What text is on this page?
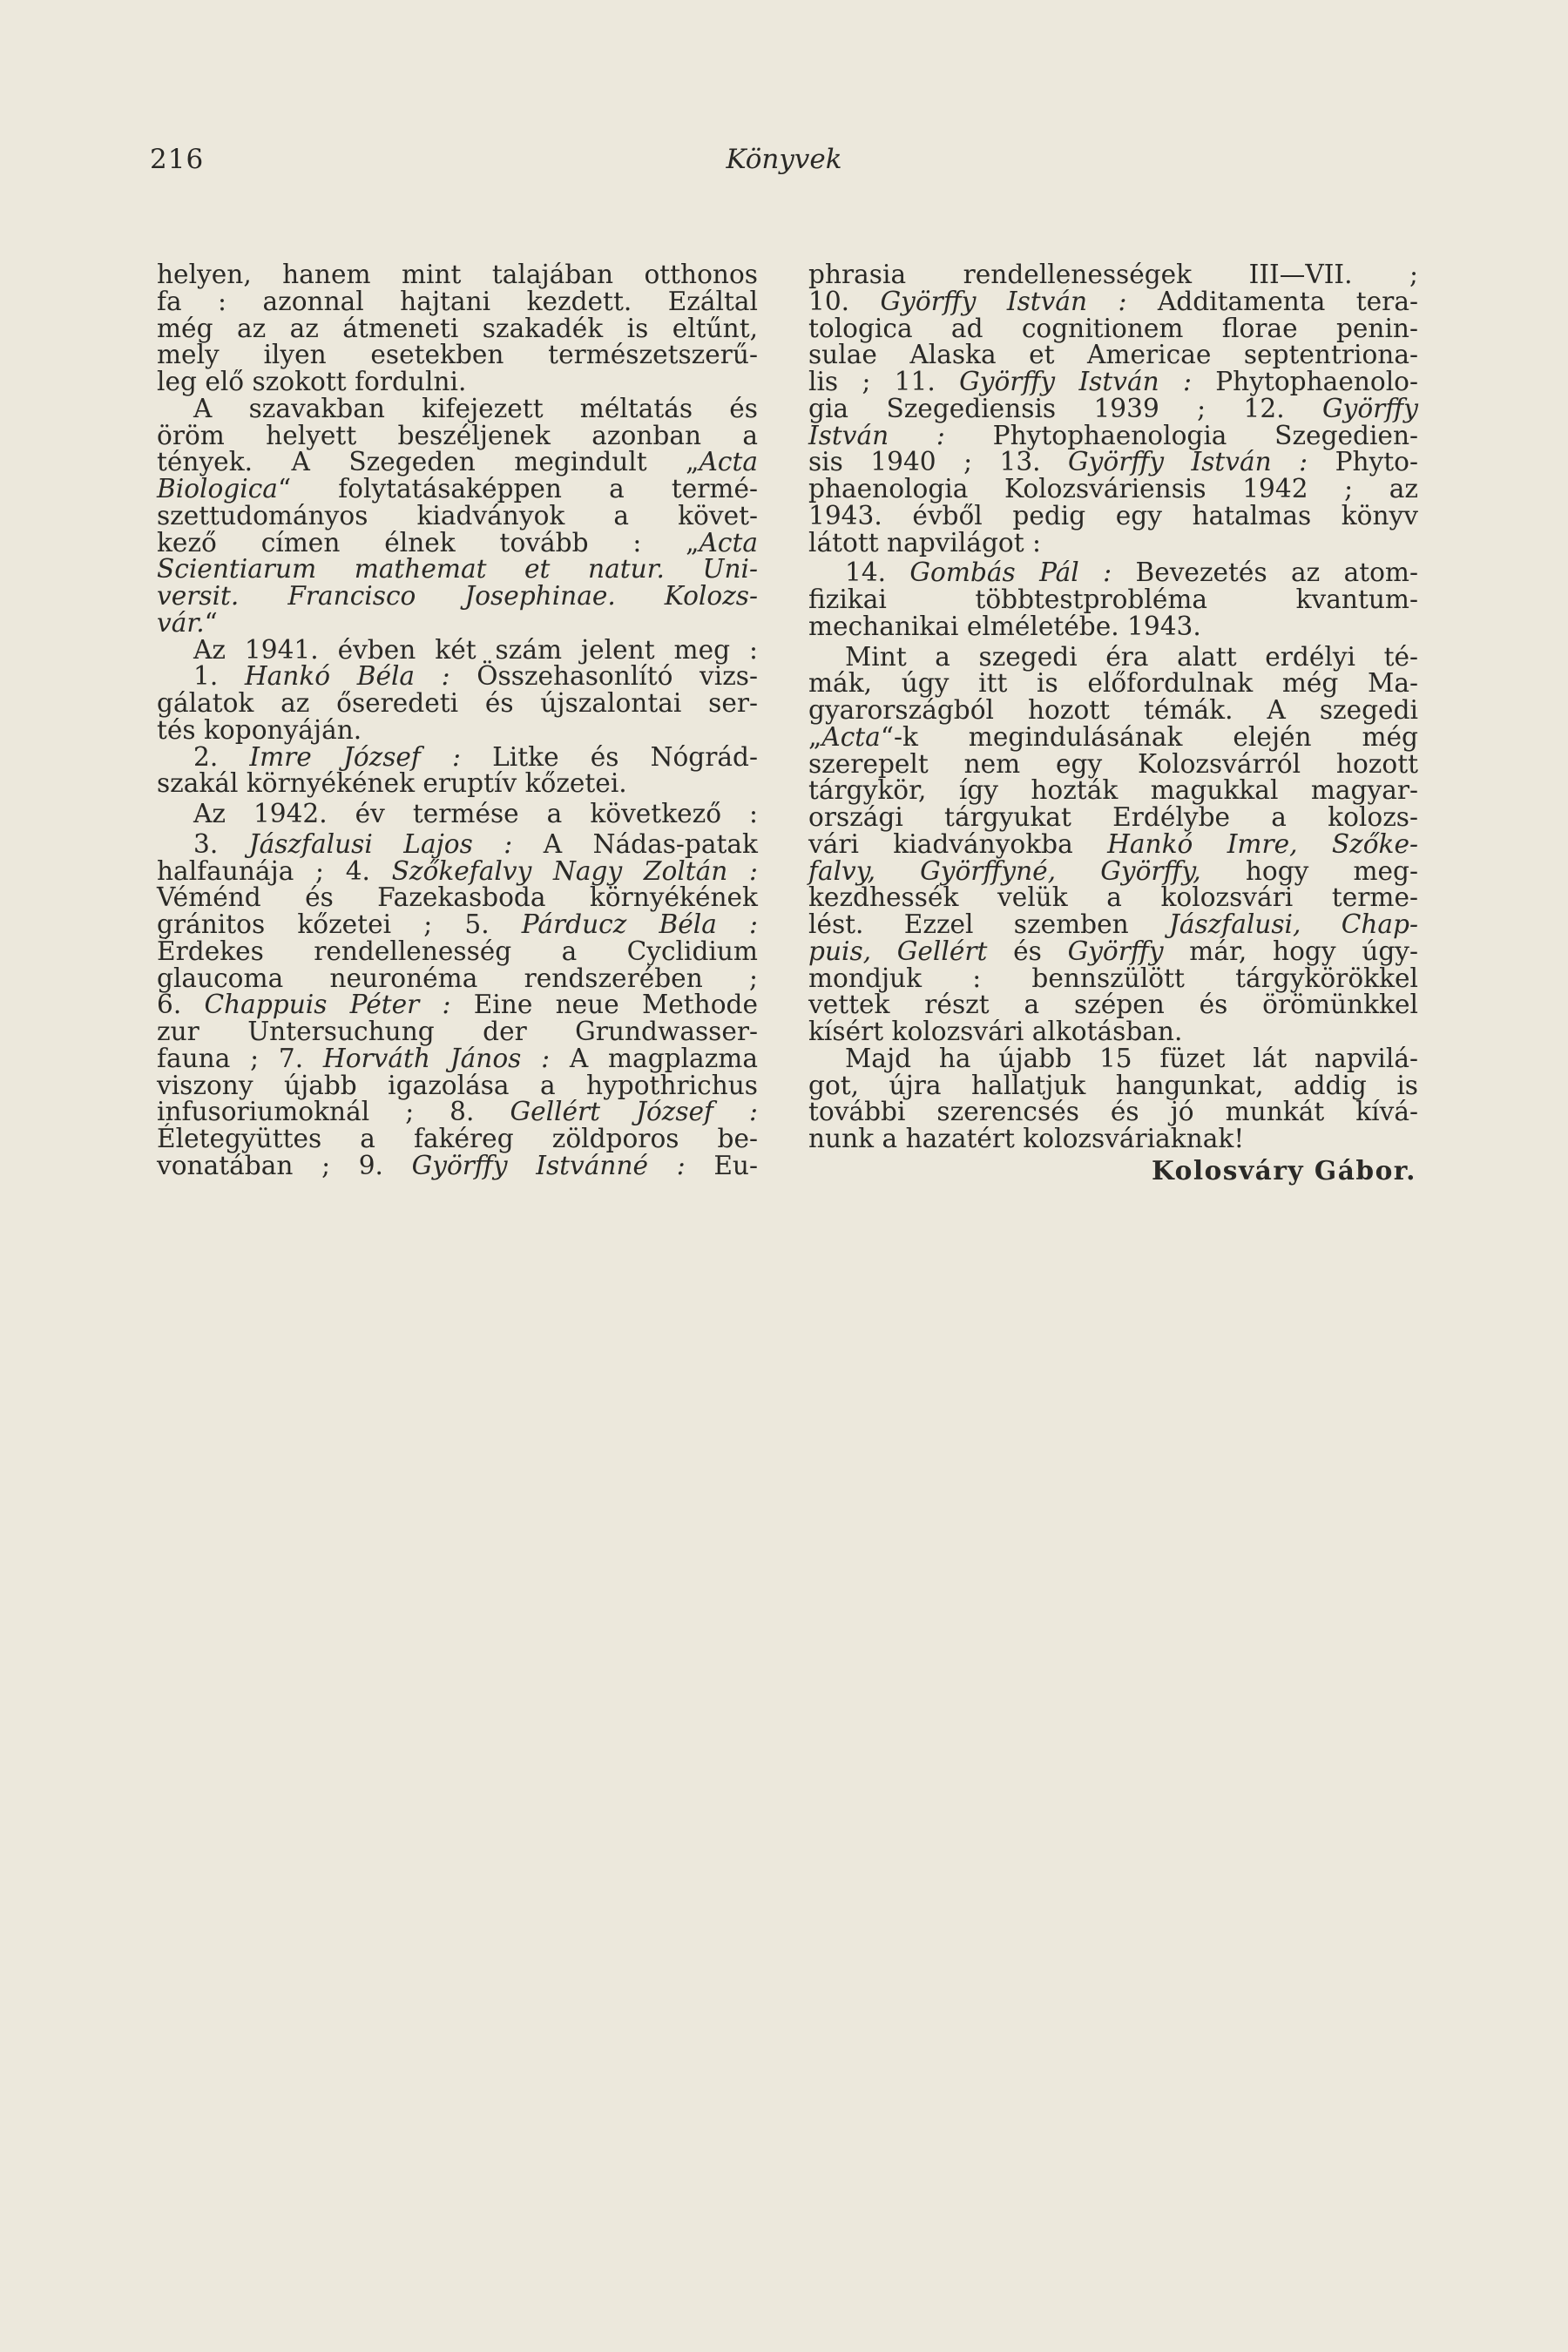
216	Könyvek
helyen, hanem mint talajában otthonos
fa : azonnal hajtani kezdett. Ezáltal
még az az átmeneti szakadék is eltűnt,
mely ilyen esetekben természetszerű-
leg elő szokott fordulni.
A szavakban kifejezett méltatás és
öröm helyett beszéljenek azonban a
tények. A Szegeden megindult „Acta
Biologica“ folytatásaképpen a termé-
szettudományos kiadványok a követ-
kező címen élnek tovább : „Acta
Scientiarum mathemat et natur. Uni-
versit. Francisco Josephinae. Kolozs-
vár.“
Az 1941. évben két szám jelent meg :
1. Hankó Béla : Összehasonlító vizs-
gálatok az őseredeti és újszalontai ser-
tés koponyáján.
2. Imre József : Litke és Nógrád-
szakál környékének eruptív kőzetei.
Az 1942. év termése a következő :
3. Jászfalusi Lajos : A Nádas-patak
halfaunája ; 4. Szőkefalvy Nagy Zoltán :
Véménd és Fazekasboda környékének
gránitos kőzetei ; 5. Párducz Béla :
Érdekes rendellenesség a Cyclidium
glaucoma neuronéma rendszerében ;
6. Chappuis Péter : Eine neue Methode
zur Untersuchung der Grundwasser-
fauna ; 7. Horváth János : A magplazma
viszony újabb igazolása a hypothrichus
infusoriumoknál ; 8. Gellért József :
Életegyüttes a fakéreg zöldporos be-
vonatában ; 9. Györffy Istvánné : Eu-
phrasia rendellenességek III—VII. ;
10. Györffy István : Additamenta tera-
tologica ad cognitionem florae penin-
sulae Alaska et Americae septentriona-
lis ; 11. Györffy István : Phytophaenolo-
gia Szegediensis 1939 ; 12. Györffy
István : Phytophaenologia Szegedien-
sis 1940 ; 13. Györffy István : Phyto-
phaenologia Kolozsváriensis 1942 ; az
1943. évből pedig egy hatalmas könyv
látott napvilágot :
14. Gombás Pál : Bevezetés az atom-
fizikai többtestprobléma kvantum-
mechanikai elméletébe. 1943.
Mint a szegedi éra alatt erdélyi té-
mák, úgy itt is előfordulnak még Ma-
gyarországból hozott témák. A szegedi
„Acta“-k megindulásának elején még
szerepelt nem egy Kolozsvárról hozott
tárgykör, így hozták magukkal magyar-
országi tárgyukat Erdélybe a kolozs-
vári kiadványokba Hankó Imre, Szőke-
falvy, Györffyné, Györffy, hogy meg-
kezdhessék velük a kolozsvári terme-
lést. Ezzel szemben Jászfalusi, Chap-
puis, Gellért és Györffy már, hogy úgy-
mondjuk : bennszülött tárgykörökkel
vettek részt a szépen és örömünkkel
kísért kolozsvári alkotásban.
Majd ha újabb 15 füzet lát napvilá-
got, újra hallatjuk hangunkat, addig is
további szerencsés és jó munkát kívá-
nunk a hazatért kolozsváriaknak!
Kolosváry Gábor.
